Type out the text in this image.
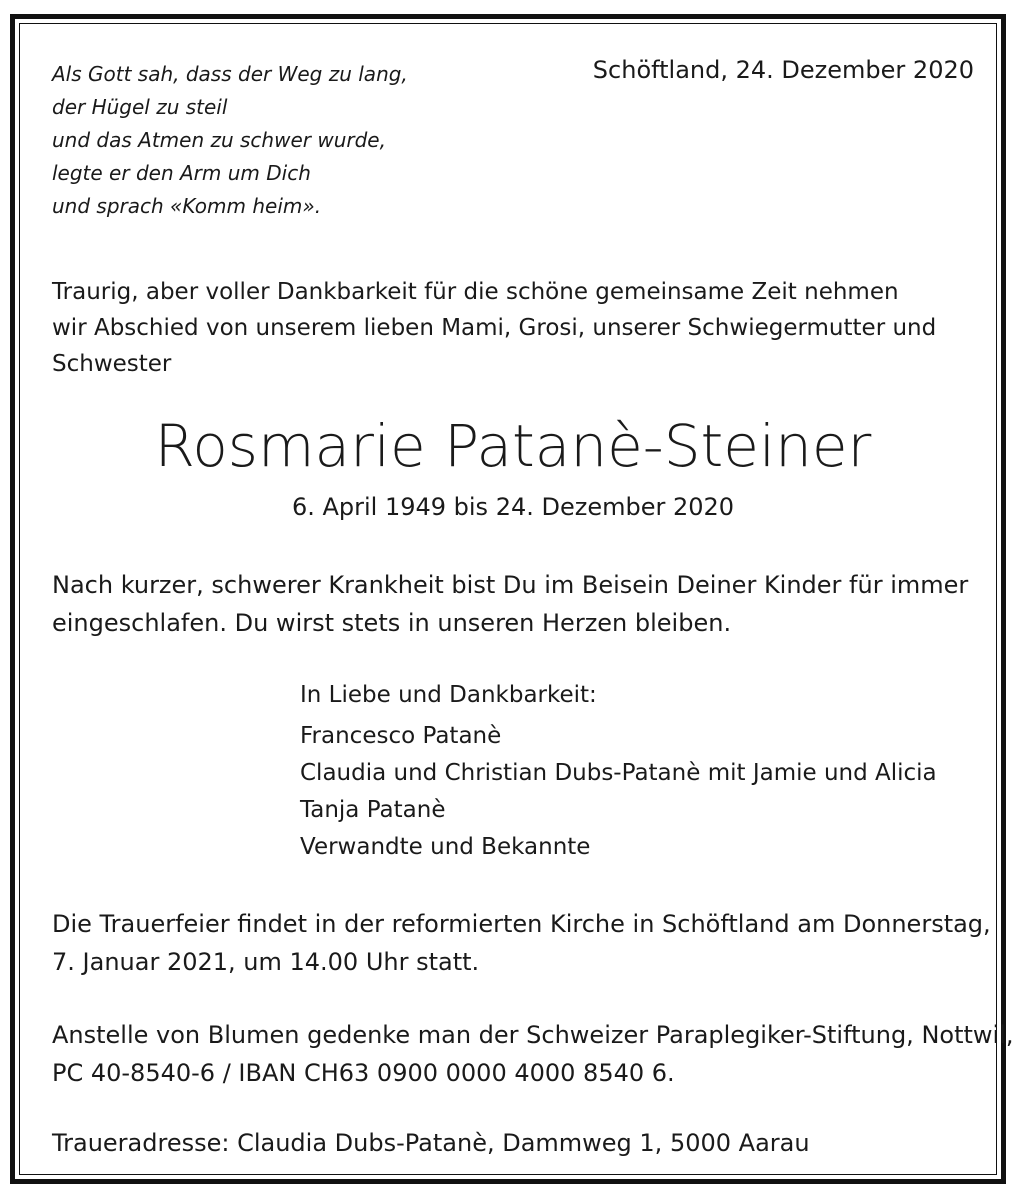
Als Gott sah, dass der Weg zu lang,
der Hügel zu steil
und das Atmen zu schwer wurde,
legte er den Arm um Dich
und sprach «Komm heim».
Schöftland, 24. Dezember 2020
Traurig, aber voller Dankbarkeit für die schöne gemeinsame Zeit nehmen
wir Abschied von unserem lieben Mami, Grosi, unserer Schwiegermutter und
Schwester
Rosmarie Patanè-Steiner
6. April 1949 bis 24. Dezember 2020
Nach kurzer, schwerer Krankheit bist Du im Beisein Deiner Kinder für immer
eingeschlafen. Du wirst stets in unseren Herzen bleiben.
In Liebe und Dankbarkeit:
Francesco Patanè
Claudia und Christian Dubs-Patanè mit Jamie und Alicia
Tanja Patanè
Verwandte und Bekannte
Die Trauerfeier findet in der reformierten Kirche in Schöftland am Donnerstag,
7. Januar 2021, um 14.00 Uhr statt.
Anstelle von Blumen gedenke man der Schweizer Paraplegiker-Stiftung, Nottwil,
PC 40-8540-6 / IBAN CH63 0900 0000 4000 8540 6.
Traueradresse: Claudia Dubs-Patanè, Dammweg 1, 5000 Aarau
